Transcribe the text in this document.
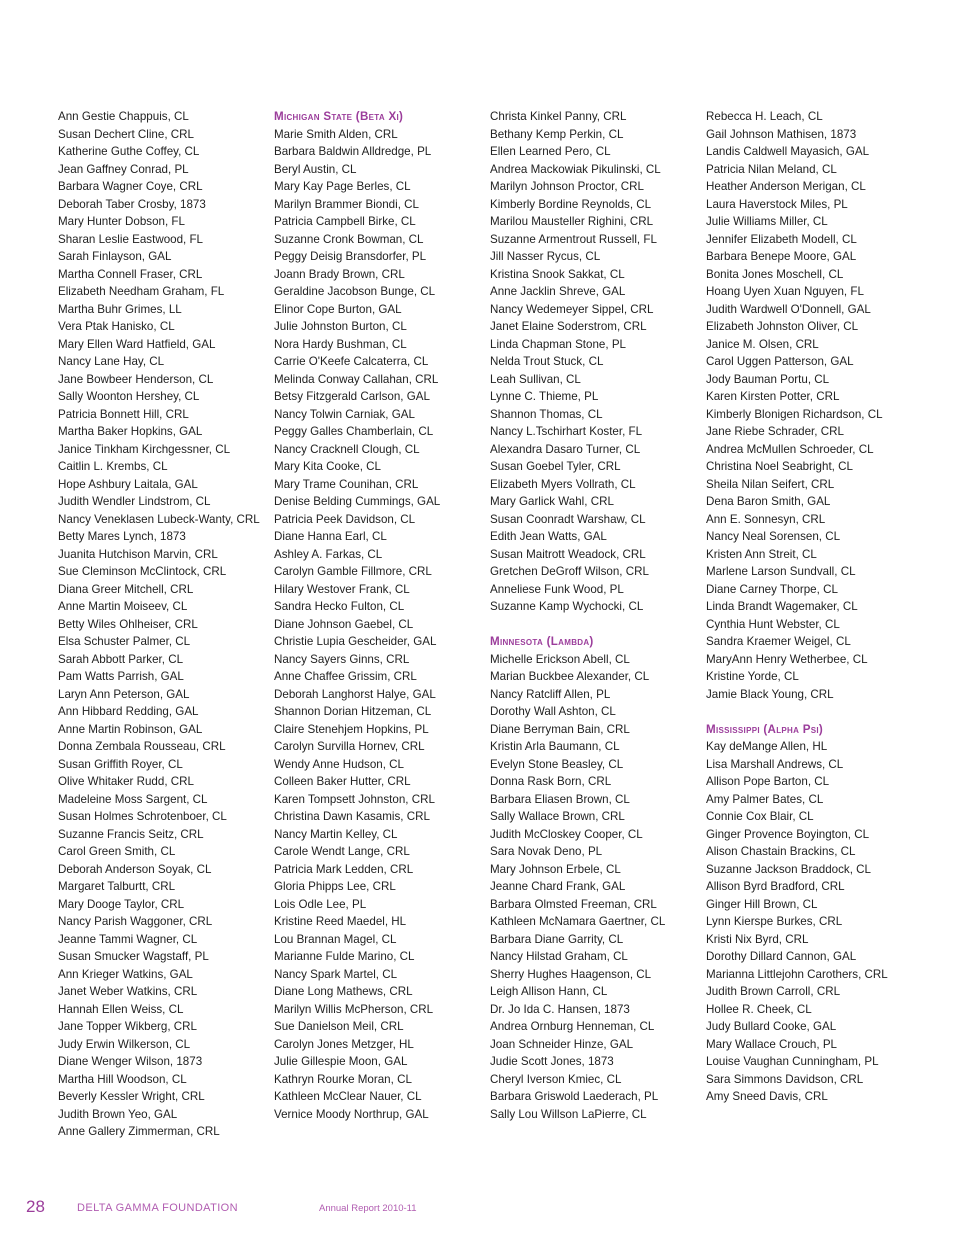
Ann Gestie Chappuis, CL
Susan Dechert Cline, CRL
Katherine Guthe Coffey, CL
Jean Gaffney Conrad, PL
Barbara Wagner Coye, CRL
Deborah Taber Crosby, 1873
Mary Hunter Dobson, FL
Sharan Leslie Eastwood, FL
Sarah Finlayson, GAL
Martha Connell Fraser, CRL
Elizabeth Needham Graham, FL
Martha Buhr Grimes, LL
Vera Ptak Hanisko, CL
Mary Ellen Ward Hatfield, GAL
Nancy Lane Hay, CL
Jane Bowbeer Henderson, CL
Sally Woonton Hershey, CL
Patricia Bonnett Hill, CRL
Martha Baker Hopkins, GAL
Janice Tinkham Kirchgessner, CL
Caitlin L. Krembs, CL
Hope Ashbury Laitala, GAL
Judith Wendler Lindstrom, CL
Nancy Veneklasen Lubeck-Wanty, CRL
Betty Mares Lynch, 1873
Juanita Hutchison Marvin, CRL
Sue Cleminson McClintock, CRL
Diana Greer Mitchell, CRL
Anne Martin Moiseev, CL
Betty Wiles Ohlheiser, CRL
Elsa Schuster Palmer, CL
Sarah Abbott Parker, CL
Pam Watts Parrish, GAL
Laryn Ann Peterson, GAL
Ann Hibbard Redding, GAL
Anne Martin Robinson, GAL
Donna Zembala Rousseau, CRL
Susan Griffith Royer, CL
Olive Whitaker Rudd, CRL
Madeleine Moss Sargent, CL
Susan Holmes Schrotenboer, CL
Suzanne Francis Seitz, CRL
Carol Green Smith, CL
Deborah Anderson Soyak, CL
Margaret Talburtt, CRL
Mary Dooge Taylor, CRL
Nancy Parish Waggoner, CRL
Jeanne Tammi Wagner, CL
Susan Smucker Wagstaff, PL
Ann Krieger Watkins, GAL
Janet Weber Watkins, CRL
Hannah Ellen Weiss, CL
Jane Topper Wikberg, CRL
Judy Erwin Wilkerson, CL
Diane Wenger Wilson, 1873
Martha Hill Woodson, CL
Beverly Kessler Wright, CRL
Judith Brown Yeo, GAL
Anne Gallery Zimmerman, CRL
Michigan State (Beta Xi)
Marie Smith Alden, CRL
Barbara Baldwin Alldredge, PL
Beryl Austin, CL
Mary Kay Page Berles, CL
Marilyn Brammer Biondi, CL
Patricia Campbell Birke, CL
Suzanne Cronk Bowman, CL
Peggy Deisig Bransdorfer, PL
Joann Brady Brown, CRL
Geraldine Jacobson Bunge, CL
Elinor Cope Burton, GAL
Julie Johnston Burton, CL
Nora Hardy Bushman, CL
Carrie O'Keefe Calcaterra, CL
Melinda Conway Callahan, CRL
Betsy Fitzgerald Carlson, GAL
Nancy Tolwin Carniak, GAL
Peggy Galles Chamberlain, CL
Nancy Cracknell Clough, CL
Mary Kita Cooke, CL
Mary Trame Counihan, CRL
Denise Belding Cummings, GAL
Patricia Peek Davidson, CL
Diane Hanna Earl, CL
Ashley A. Farkas, CL
Carolyn Gamble Fillmore, CRL
Hilary Westover Frank, CL
Sandra Hecko Fulton, CL
Diane Johnson Gaebel, CL
Christie Lupia Gescheider, GAL
Nancy Sayers Ginns, CRL
Anne Chaffee Grissim, CRL
Deborah Langhorst Halye, GAL
Shannon Dorian Hitzeman, CL
Claire Stenehjem Hopkins, PL
Carolyn Survilla Hornev, CRL
Wendy Anne Hudson, CL
Colleen Baker Hutter, CRL
Karen Tompsett Johnston, CRL
Christina Dawn Kasamis, CRL
Nancy Martin Kelley, CL
Carole Wendt Lange, CRL
Patricia Mark Ledden, CRL
Gloria Phipps Lee, CRL
Lois Odle Lee, PL
Kristine Reed Maedel, HL
Lou Brannan Magel, CL
Marianne Fulde Marino, CL
Nancy Spark Martel, CL
Diane Long Mathews, CRL
Marilyn Willis McPherson, CRL
Sue Danielson Meil, CRL
Carolyn Jones Metzger, HL
Julie Gillespie Moon, GAL
Kathryn Rourke Moran, CL
Kathleen McClear Nauer, CL
Vernice Moody Northrup, GAL
Christa Kinkel Panny, CRL
Bethany Kemp Perkin, CL
Ellen Learned Pero, CL
Andrea Mackowiak Pikulinski, CL
Marilyn Johnson Proctor, CRL
Kimberly Bordine Reynolds, CL
Marilou Mausteller Righini, CRL
Suzanne Armentrout Russell, FL
Jill Nasser Rycus, CL
Kristina Snook Sakkat, CL
Anne Jacklin Shreve, GAL
Nancy Wedemeyer Sippel, CRL
Janet Elaine Soderstrom, CRL
Linda Chapman Stone, PL
Nelda Trout Stuck, CL
Leah Sullivan, CL
Lynne C. Thieme, PL
Shannon Thomas, CL
Nancy L.Tschirhart Koster, FL
Alexandra Dasaro Turner, CL
Susan Goebel Tyler, CRL
Elizabeth Myers Vollrath, CL
Mary Garlick Wahl, CRL
Susan Coonradt Warshaw, CL
Edith Jean Watts, GAL
Susan Maitrott Weadock, CRL
Gretchen DeGroff Wilson, CRL
Anneliese Funk Wood, PL
Suzanne Kamp Wychocki, CL
Minnesota (Lambda)
Michelle Erickson Abell, CL
Marian Buckbee Alexander, CL
Nancy Ratcliff Allen, PL
Dorothy Wall Ashton, CL
Diane Berryman Bain, CRL
Kristin Arla Baumann, CL
Evelyn Stone Beasley, CL
Donna Rask Born, CRL
Barbara Eliasen Brown, CL
Sally Wallace Brown, CRL
Judith McCloskey Cooper, CL
Sara Novak Deno, PL
Mary Johnson Erbele, CL
Jeanne Chard Frank, GAL
Barbara Olmsted Freeman, CRL
Kathleen McNamara Gaertner, CL
Barbara Diane Garrity, CL
Nancy Hilstad Graham, CL
Sherry Hughes Haagenson, CL
Leigh Allison Hann, CL
Dr. Jo Ida C. Hansen, 1873
Andrea Ornburg Henneman, CL
Joan Schneider Hinze, GAL
Judie Scott Jones, 1873
Cheryl Iverson Kmiec, CL
Barbara Griswold Laederach, PL
Sally Lou Willson LaPierre, CL
Rebecca H. Leach, CL
Gail Johnson Mathisen, 1873
Landis Caldwell Mayasich, GAL
Patricia Nilan Meland, CL
Heather Anderson Merigan, CL
Laura Haverstock Miles, PL
Julie Williams Miller, CL
Jennifer Elizabeth Modell, CL
Barbara Benepe Moore, GAL
Bonita Jones Moschell, CL
Hoang Uyen Xuan Nguyen, FL
Judith Wardwell O'Donnell, GAL
Elizabeth Johnston Oliver, CL
Janice M. Olsen, CRL
Carol Uggen Patterson, GAL
Jody Bauman Portu, CL
Karen Kirsten Potter, CRL
Kimberly Blonigen Richardson, CL
Jane Riebe Schrader, CRL
Andrea McMullen Schroeder, CL
Christina Noel Seabright, CL
Sheila Nilan Seifert, CRL
Dena Baron Smith, GAL
Ann E. Sonnesyn, CRL
Nancy Neal Sorensen, CL
Kristen Ann Streit, CL
Marlene Larson Sundvall, CL
Diane Carney Thorpe, CL
Linda Brandt Wagemaker, CL
Cynthia Hunt Webster, CL
Sandra Kraemer Weigel, CL
MaryAnn Henry Wetherbee, CL
Kristine Yorde, CL
Jamie Black Young, CRL
Mississippi (Alpha Psi)
Kay deMange Allen, HL
Lisa Marshall Andrews, CL
Allison Pope Barton, CL
Amy Palmer Bates, CL
Connie Cox Blair, CL
Ginger Provence Boyington, CL
Alison Chastain Brackins, CL
Suzanne Jackson Braddock, CL
Allison Byrd Bradford, CRL
Ginger Hill Brown, CL
Lynn Kierspe Burkes, CRL
Kristi Nix Byrd, CRL
Dorothy Dillard Cannon, GAL
Marianna Littlejohn Carothers, CRL
Judith Brown Carroll, CRL
Hollee R. Cheek, CL
Judy Bullard Cooke, GAL
Mary Wallace Crouch, PL
Louise Vaughan Cunningham, PL
Sara Simmons Davidson, CRL
Amy Sneed Davis, CRL
28	DELTA GAMMA FOUNDATION	Annual Report 2010-11
